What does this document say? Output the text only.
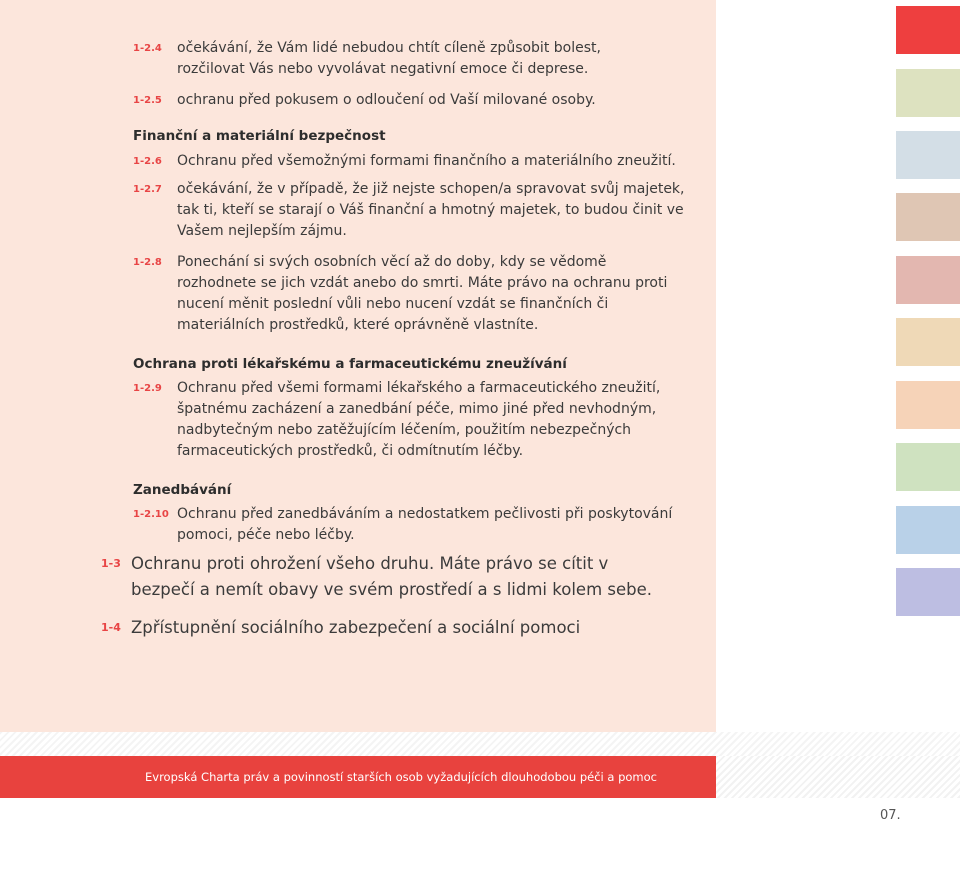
1-2.4	očekávání, že Vám lidé nebudou chtít cíleně způsobit bolest, rozčilovat Vás nebo vyvolávat negativní emoce či deprese.
1-2.5	ochranu před pokusem o odloučení od Vaší milované osoby.
Finanční a materiální bezpečnost
1-2.6	Ochranu před všemožnými formami finančního a materiálního zneužití.
1-2.7	očekávání, že v případě, že již nejste schopen/a spravovat svůj majetek, tak ti, kteří se starají o Váš finanční a hmotný majetek, to budou činit ve Vašem nejlepším zájmu.
1-2.8	Ponechání si svých osobních věcí až do doby, kdy se vědomě rozhodnete se jich vzdát anebo do smrti. Máte právo na ochranu proti nucení měnit poslední vůli nebo nucení vzdát se finančních či materiálních prostředků, které oprávněně vlastníte.
Ochrana proti lékařskému a farmaceutickému zneužívání
1-2.9	Ochranu před všemi formami lékařského a farmaceutického zneužití, špatnému zacházení a zanedbání péče, mimo jiné před nevhodným, nadbytečným nebo zatěžujícím léčením, použitím nebezpečných farmaceutických prostředků, či odmítnutím léčby.
Zanedbávání
1-2.10 Ochranu před zanedbáváním a nedostatkem pečlivosti při poskytování pomoci, péče nebo léčby.
1-3 Ochranu proti ohrožení všeho druhu. Máte právo se cítit v bezpečí a nemít obavy ve svém prostředí a s lidmi kolem sebe.
1-4 Zpřístupnění sociálního zabezpečení a sociální pomoci
Evropská Charta práv a povinností starších osob vyžadujících dlouhodobou péči a pomoc
07.
